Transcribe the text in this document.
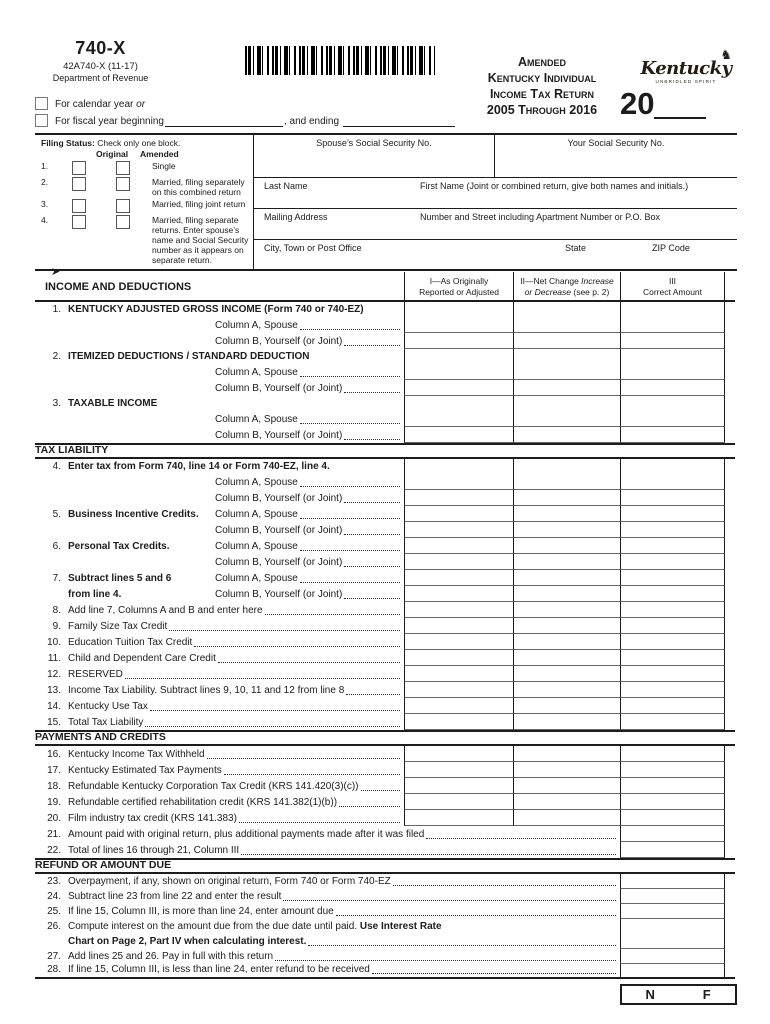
740-X
42A740-X (11-17)
Department of Revenue
Amended
Kentucky Individual
Income Tax Return
2005 Through 2016
♞
Kentucky
UNBRIDLED SPIRIT
20
For calendar year or
For fiscal year beginning	, and ending
Filing Status: Check only one block.
Original	Amended
1.	Single
2.	Married, filing separately on this combined return
3.	Married, filing joint return
4.	Married, filing separate returns. Enter spouse’s name and Social Security number as it appears on separate return.
➤
Spouse’s Social Security No.	Your Social Security No.
Last Name	First Name (Joint or combined return, give both names and initials.)
Mailing Address	Number and Street including Apartment Number or P.O. Box
City, Town or Post Office	State	ZIP Code
INCOME AND DEDUCTIONS	I—As Originally
Reported or Adjusted
II—Net Change Increase
or Decrease (see p. 2)
III
Correct Amount
1. KENTUCKY ADJUSTED GROSS INCOME (Form 740 or 740-EZ)
Column A, Spouse
Column B, Yourself (or Joint)
2. ITEMIZED DEDUCTIONS / STANDARD DEDUCTION
Column A, Spouse
Column B, Yourself (or Joint)
3. TAXABLE INCOME
Column A, Spouse
Column B, Yourself (or Joint)
TAX LIABILITY
4. Enter tax from Form 740, line 14 or Form 740-EZ, line 4.
Column A, Spouse
Column B, Yourself (or Joint)
5. Business Incentive Credits. Column A, Spouse
Column B, Yourself (or Joint)
6. Personal Tax Credits.	Column A, Spouse
Column B, Yourself (or Joint)
7. Subtract lines 5 and 6	Column A, Spouse
from line 4.	Column B, Yourself (or Joint)
8. Add line 7, Columns A and B and enter here
9. Family Size Tax Credit
10. Education Tuition Tax Credit
11. Child and Dependent Care Credit
12. RESERVED
13. Income Tax Liability. Subtract lines 9, 10, 11 and 12 from line 8
14. Kentucky Use Tax
15. Total Tax Liability
PAYMENTS AND CREDITS
16. Kentucky Income Tax Withheld
17. Kentucky Estimated Tax Payments
18. Refundable Kentucky Corporation Tax Credit (KRS 141.420(3)(c))
19. Refundable certified rehabilitation credit (KRS 141.382(1)(b))
20. Film industry tax credit (KRS 141.383)
21. Amount paid with original return, plus additional payments made after it was filed
22. Total of lines 16 through 21, Column III
REFUND OR AMOUNT DUE
23. Overpayment, if any, shown on original return, Form 740 or Form 740-EZ
24. Subtract line 23 from line 22 and enter the result
25. If line 15, Column III, is more than line 24, enter amount due
26. Compute interest on the amount due from the due date until paid. Use Interest Rate
Chart on Page 2, Part IV when calculating interest.
27. Add lines 25 and 26. Pay in full with this return
28. If line 15, Column III, is less than line 24, enter refund to be received
N	F
